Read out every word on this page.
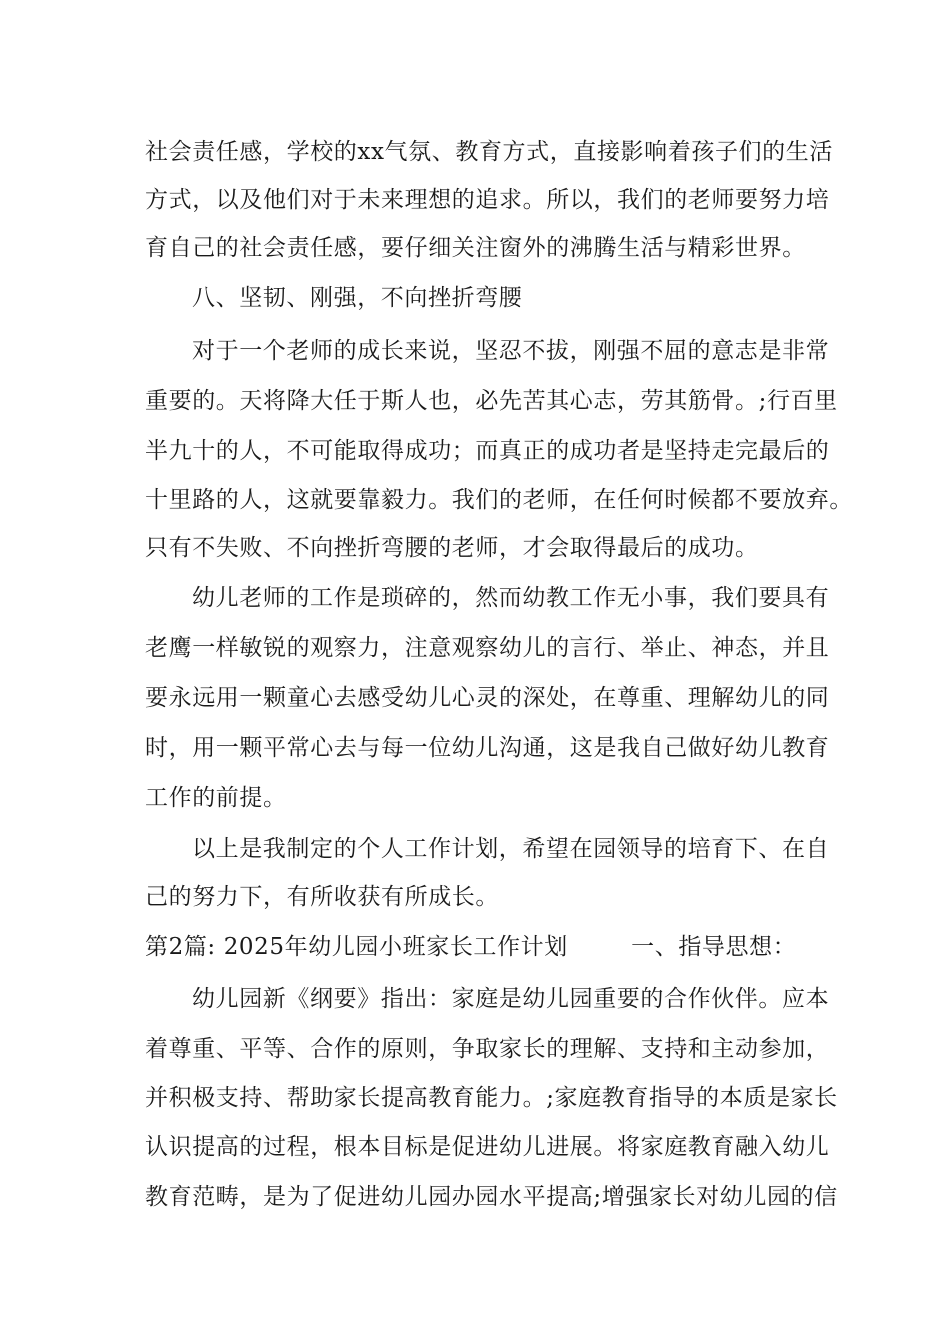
社会责任感，学校的xx气氛、教育方式，直接影响着孩子们的生活
方式，以及他们对于未来理想的追求。所以，我们的老师要努力培
育自己的社会责任感，要仔细关注窗外的沸腾生活与精彩世界。
八、坚韧、刚强，不向挫折弯腰
对于一个老师的成长来说，坚忍不拔，刚强不屈的意志是非常
重要的。天将降大任于斯人也，必先苦其心志，劳其筋骨。;行百里
半九十的人，不可能取得成功；而真正的成功者是坚持走完最后的
十里路的人，这就要靠毅力。我们的老师，在任何时候都不要放弃。
只有不失败、不向挫折弯腰的老师，才会取得最后的成功。
幼儿老师的工作是琐碎的，然而幼教工作无小事，我们要具有
老鹰一样敏锐的观察力，注意观察幼儿的言行、举止、神态，并且
要永远用一颗童心去感受幼儿心灵的深处，在尊重、理解幼儿的同
时，用一颗平常心去与每一位幼儿沟通，这是我自己做好幼儿教育
工作的前提。
以上是我制定的个人工作计划，希望在园领导的培育下、在自
己的努力下，有所收获有所成长。
第2篇: 2025年幼儿园小班家长工作计划        一、指导思想：
幼儿园新《纲要》指出：家庭是幼儿园重要的合作伙伴。应本
着尊重、平等、合作的原则，争取家长的理解、支持和主动参加，
并积极支持、帮助家长提高教育能力。;家庭教育指导的本质是家长
认识提高的过程，根本目标是促进幼儿进展。将家庭教育融入幼儿
教育范畴，是为了促进幼儿园办园水平提高;增强家长对幼儿园的信
